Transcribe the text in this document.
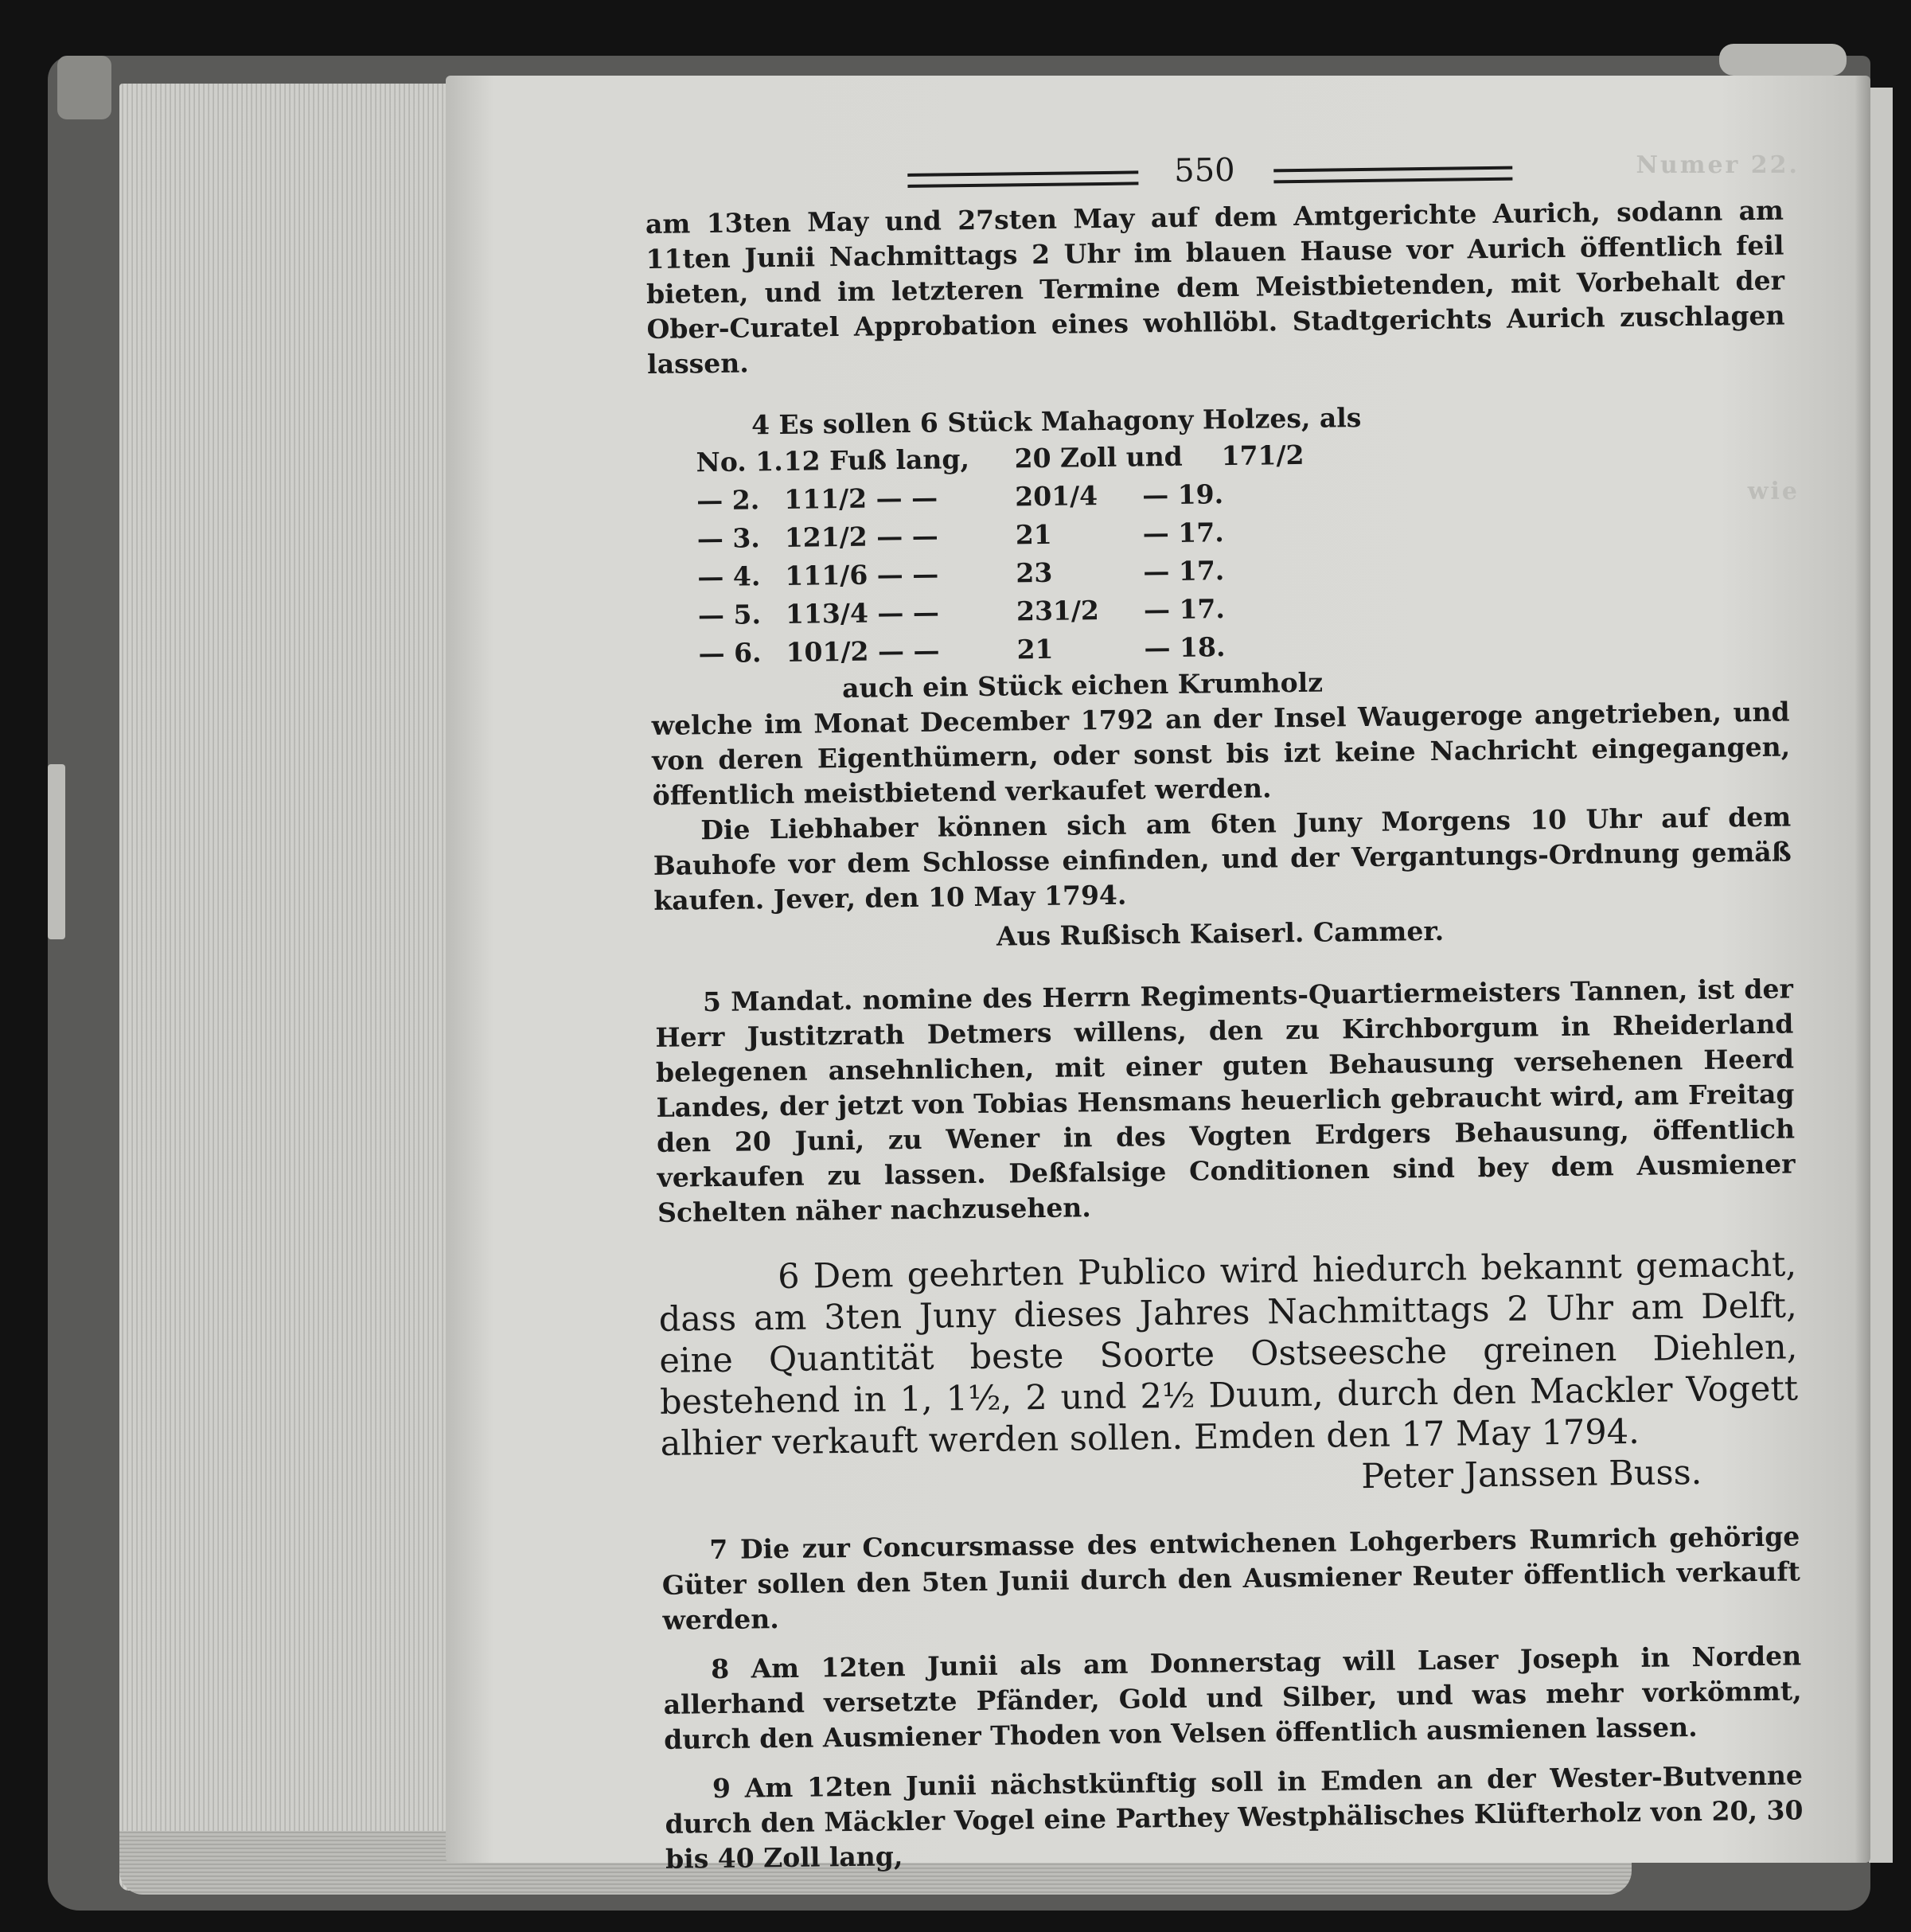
Numer 22.
wie
550

am 13ten May und 27sten May auf dem Amtgerichte Aurich, sodann am 11ten Junii Nachmittags 2 Uhr im blauen Hause vor Aurich öffentlich feil bieten, und im letzteren Termine dem Meistbietenden, mit Vorbehalt der Ober-Curatel Approbation eines wohllöbl. Stadtgerichts Aurich zuschlagen lassen.

4 Es sollen 6 Stück Mahagony Holzes, als

No. 1. 12 Fuß lang,	20 Zoll und	171/2
— 2. 111/2 — —	201/4	— 19.
— 3. 121/2 — —	21	— 17.
— 4. 111/6 — —	23	— 17.
— 5. 113/4 — —	231/2	— 17.
— 6. 101/2 — —	21	— 18.

auch ein Stück eichen Krumholz

welche im Monat December 1792 an der Insel Waugeroge angetrieben, und von deren Eigenthümern, oder sonst bis izt keine Nachricht eingegangen, öffentlich meistbietend verkaufet werden.

Die Liebhaber können sich am 6ten Juny Morgens 10 Uhr auf dem Bauhofe vor dem Schlosse einfinden, und der Vergantungs-Ordnung gemäß kaufen. Jever, den 10 May 1794.

Aus Rußisch Kaiserl. Cammer.

5 Mandat. nomine des Herrn Regiments-Quartiermeisters Tannen, ist der Herr Justitzrath Detmers willens, den zu Kirchborgum in Rheiderland belegenen ansehnlichen, mit einer guten Behausung versehenen Heerd Landes, der jetzt von Tobias Hensmans heuerlich gebraucht wird, am Freitag den 20 Juni, zu Wener in des Vogten Erdgers Behausung, öffentlich verkaufen zu lassen. Deßfalsige Conditionen sind bey dem Ausmiener Schelten näher nachzusehen.

6 Dem geehrten Publico wird hiedurch bekannt gemacht, dass am 3ten Juny dieses Jahres Nachmittags 2 Uhr am Delft, eine Quantität beste Soorte Ostseesche greinen Diehlen, bestehend in 1, 1½, 2 und 2½ Duum, durch den Mackler Vogett alhier verkauft werden sollen. Emden den 17 May 1794.

Peter Janssen Buss.

7 Die zur Concursmasse des entwichenen Lohgerbers Rumrich gehörige Güter sollen den 5ten Junii durch den Ausmiener Reuter öffentlich verkauft werden.

8 Am 12ten Junii als am Donnerstag will Laser Joseph in Norden allerhand versetzte Pfänder, Gold und Silber, und was mehr vorkömmt, durch den Ausmiener Thoden von Velsen öffentlich ausmienen lassen.

9 Am 12ten Junii nächstkünftig soll in Emden an der Wester-Butvenne durch den Mäckler Vogel eine Parthey Westphälisches Klüfterholz von 20, 30 bis 40 Zoll lang,
